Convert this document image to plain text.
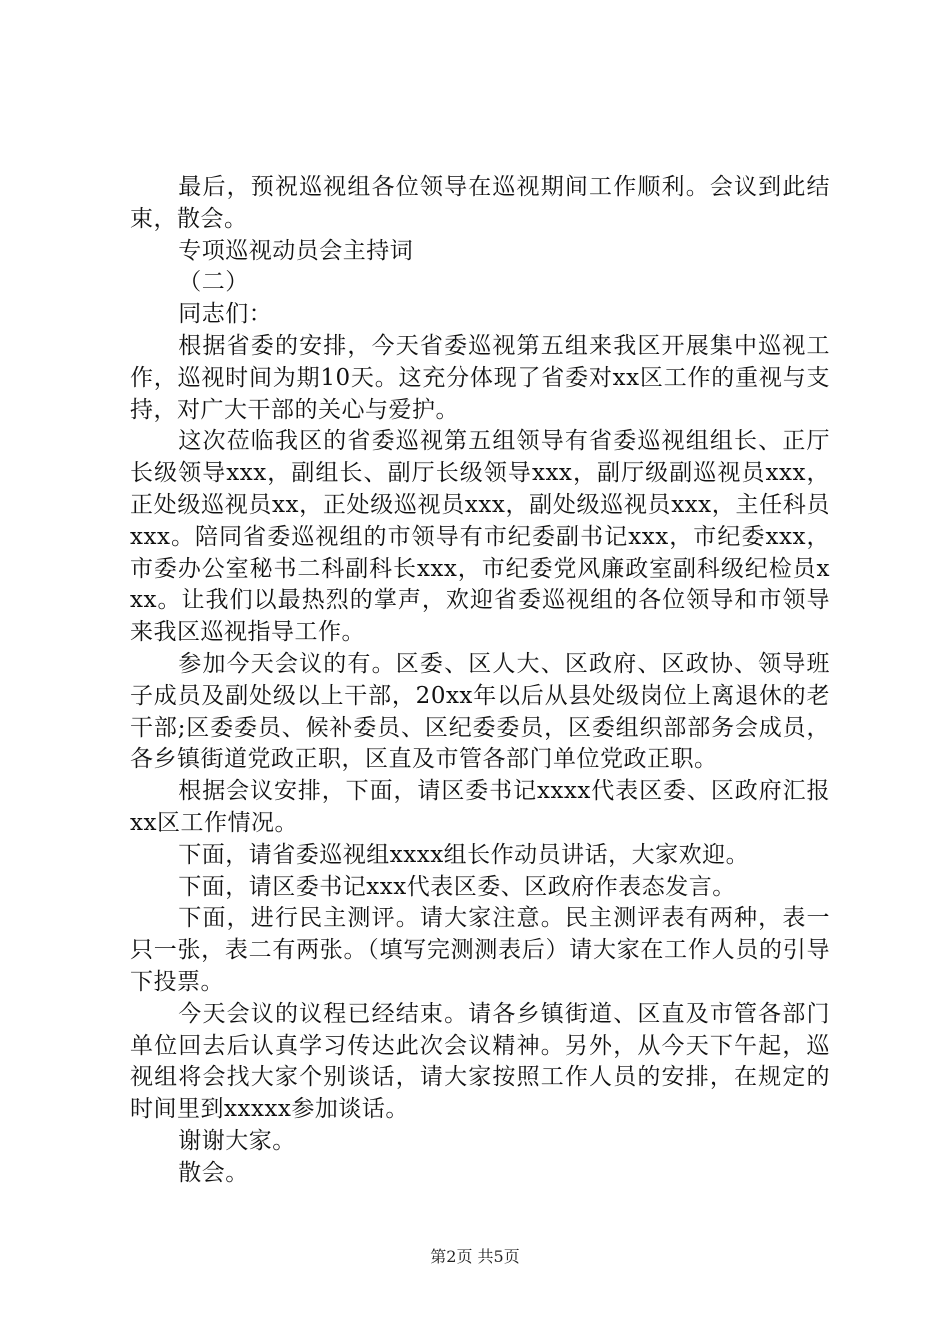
最后，预祝巡视组各位领导在巡视期间工作顺利。会议到此结束，散会。

专项巡视动员会主持词

（二）

同志们：

根据省委的安排，今天省委巡视第五组来我区开展集中巡视工作，巡视时间为期10天。这充分体现了省委对xx区工作的重视与支持，对广大干部的关心与爱护。

这次莅临我区的省委巡视第五组领导有省委巡视组组长、正厅长级领导xxx，副组长、副厅长级领导xxx，副厅级副巡视员xxx，正处级巡视员xx，正处级巡视员xxx，副处级巡视员xxx，主任科员xxx。陪同省委巡视组的市领导有市纪委副书记xxx，市纪委xxx，市委办公室秘书二科副科长xxx，市纪委党风廉政室副科级纪检员xxx。让我们以最热烈的掌声，欢迎省委巡视组的各位领导和市领导来我区巡视指导工作。

参加今天会议的有。区委、区人大、区政府、区政协、领导班子成员及副处级以上干部，20xx年以后从县处级岗位上离退休的老干部;区委委员、候补委员、区纪委委员，区委组织部部务会成员，各乡镇街道党政正职，区直及市管各部门单位党政正职。

根据会议安排，下面，请区委书记xxxx代表区委、区政府汇报xx区工作情况。

下面，请省委巡视组xxxx组长作动员讲话，大家欢迎。

下面，请区委书记xxx代表区委、区政府作表态发言。

下面，进行民主测评。请大家注意。民主测评表有两种，表一只一张，表二有两张。（填写完测测表后）请大家在工作人员的引导下投票。

今天会议的议程已经结束。请各乡镇街道、区直及市管各部门单位回去后认真学习传达此次会议精神。另外，从今天下午起，巡视组将会找大家个别谈话，请大家按照工作人员的安排，在规定的时间里到xxxxx参加谈话。

谢谢大家。

散会。

第2页 共5页
